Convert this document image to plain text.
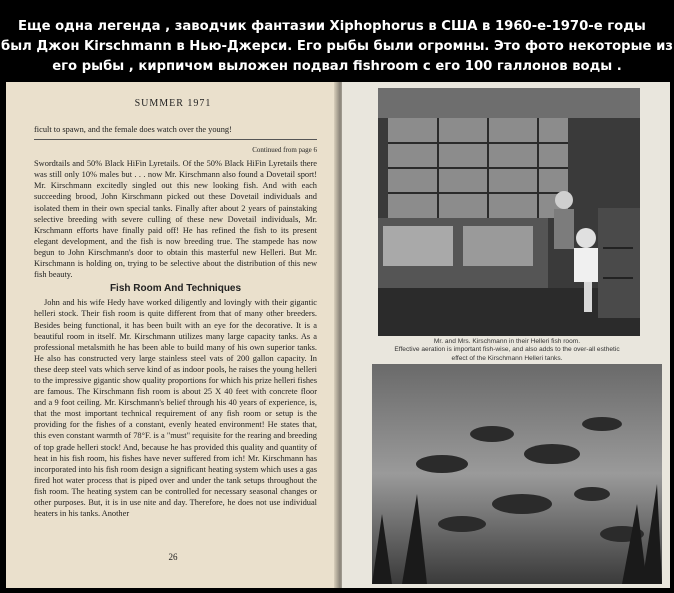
Еще одна легенда , заводчик фантазии Xiphophorus в США в 1960-е-1970-е годы
был Джон Kirschmann в Нью-Джерси. Его рыбы были огромны. Это фото некоторые из
его рыбы , кирпичом выложен подвал fishroom с его 100 галлонов воды .
SUMMER 1971

ficult to spawn, and the female does watch over the young!

Continued from page 6

Swordtails and 50% Black HiFin Lyretails. Of the 50% Black HiFin Lyretails there was still only 10% males but . . . now Mr. Kirschmann also found a Dovetail sport! Mr. Kirschmann excitedly singled out this new looking fish. And with each succeeding brood, John Kirschmann picked out these Dovetail individuals and isolated them in their own special tanks. Finally after about 2 years of painstaking selective breeding with severe culling of these new Dovetail individuals, Mr. Krschmann efforts have finally paid off! He has refined the fish to its present elegant development, and the fish is now breeding true. The stampede has now begun to John Kirschmann's door to obtain this masterful new Helleri. But Mr. Kirschmann is holding on, trying to be selective about the distribution of this new fish beauty.

Fish Room And Techniques

John and his wife Hedy have worked diligently and lovingly with their gigantic helleri stock. Their fish room is quite different from that of many other breeders. Besides being functional, it has been built with an eye for the decorative. It is a beautiful room in itself. Mr. Kirschmann utilizes many large capacity tanks. As a professional metalsmith he has been able to build many of his own superior tanks. He also has constructed very large stainless steel vats of 200 gallon capacity. In these deep steel vats which serve kind of as indoor pools, he raises the young helleri to the impressive gigantic show quality proportions for which his prize helleri fishes are famous. The Kirschmann fish room is about 25 X 40 feet with concrete floor and a 9 foot ceiling. Mr. Kirschmann's belief through his 40 years of experience, is, that the most important technical requirement of any fish room or setup is the providing for the fishes of a constant, evenly heated environment! He states that, this even constant warmth of 78°F. is a "must" requisite for the rearing and breeding of top grade helleri stock! And, because he has provided this quality and quantity of heat in his fish room, his fishes have never suffered from ich! Mr. Kirschmann has incorporated into his fish room design a significant heating system which uses a gas fired hot water process that is piped over and under the tank setups throughout the fish room. The heating system can be controlled for necessary seasonal changes or other purposes. But, it is in use nite and day. Therefore, he does not use individual heaters in his tanks. Another

26
Mr. and Mrs. Kirschmann in their Helleri fish room.
Effective aeration is important fish-wise, and also adds to the over-all esthetic
effect of the Kirschmann Helleri tanks.
